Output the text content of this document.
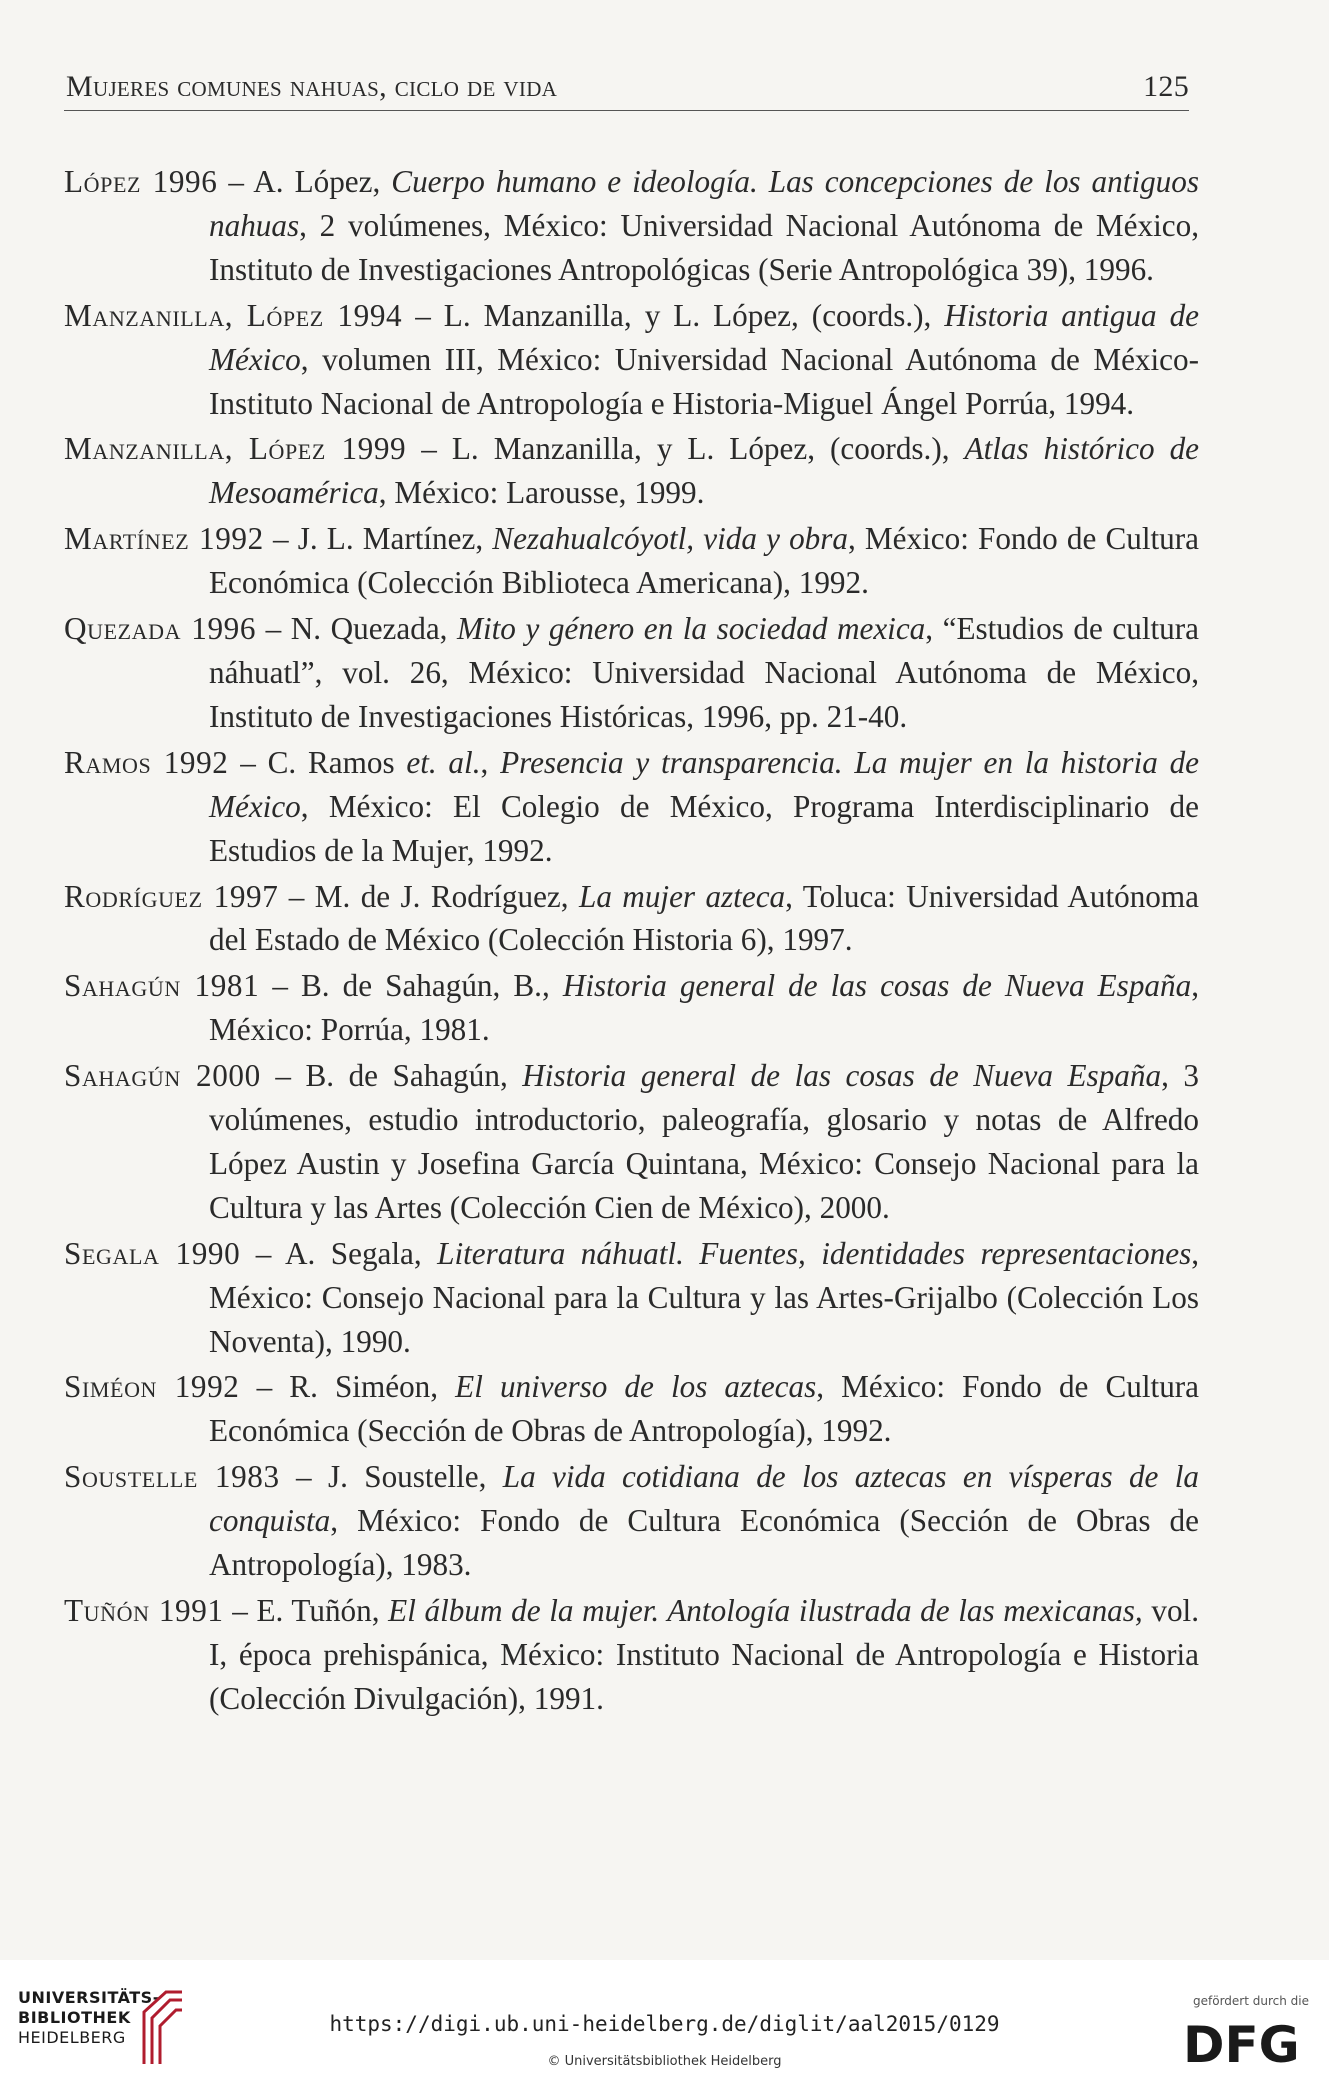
Mujeres comunes nahuas, ciclo de vida	125
López 1996 – A. López, Cuerpo humano e ideología. Las concepciones de los antiguos nahuas, 2 volúmenes, México: Universidad Nacional Autónoma de México, Instituto de Investigaciones Antropológicas (Serie Antropológica 39), 1996.
Manzanilla, López 1994 – L. Manzanilla, y L. López, (coords.), Historia antigua de México, volumen III, México: Universidad Nacional Autónoma de México-Instituto Nacional de Antropología e Historia-Miguel Ángel Porrúa, 1994.
Manzanilla, López 1999 – L. Manzanilla, y L. López, (coords.), Atlas histórico de Mesoamérica, México: Larousse, 1999.
Martínez 1992 – J. L. Martínez, Nezahualcóyotl, vida y obra, México: Fondo de Cultura Económica (Colección Biblioteca Americana), 1992.
Quezada 1996 – N. Quezada, Mito y género en la sociedad mexica, “Estudios de cultura náhuatl”, vol. 26, México: Universidad Nacional Autónoma de México, Instituto de Investigaciones Históricas, 1996, pp. 21-40.
Ramos 1992 – C. Ramos et. al., Presencia y transparencia. La mujer en la historia de México, México: El Colegio de México, Programa Interdisciplinario de Estudios de la Mujer, 1992.
Rodríguez 1997 – M. de J. Rodríguez, La mujer azteca, Toluca: Universidad Autónoma del Estado de México (Colección Historia 6), 1997.
Sahagún 1981 – B. de Sahagún, B., Historia general de las cosas de Nueva España, México: Porrúa, 1981.
Sahagún 2000 – B. de Sahagún, Historia general de las cosas de Nueva España, 3 volúmenes, estudio introductorio, paleografía, glosario y notas de Alfredo López Austin y Josefina García Quintana, México: Consejo Nacional para la Cultura y las Artes (Colección Cien de México), 2000.
Segala 1990 – A. Segala, Literatura náhuatl. Fuentes, identidades representaciones, México: Consejo Nacional para la Cultura y las Artes-Grijalbo (Colección Los Noventa), 1990.
Siméon 1992 – R. Siméon, El universo de los aztecas, México: Fondo de Cultura Económica (Sección de Obras de Antropología), 1992.
Soustelle 1983 – J. Soustelle, La vida cotidiana de los aztecas en vísperas de la conquista, México: Fondo de Cultura Económica (Sección de Obras de Antropología), 1983.
Tuñón 1991 – E. Tuñón, El álbum de la mujer. Antología ilustrada de las mexicanas, vol. I, época prehispánica, México: Instituto Nacional de Antropología e Historia (Colección Divulgación), 1991.
UNIVERSITÄTS-
BIBLIOTHEK
HEIDELBERG
https://digi.ub.uni-heidelberg.de/diglit/aal2015/0129
© Universitätsbibliothek Heidelberg
gefördert durch die
DFG
